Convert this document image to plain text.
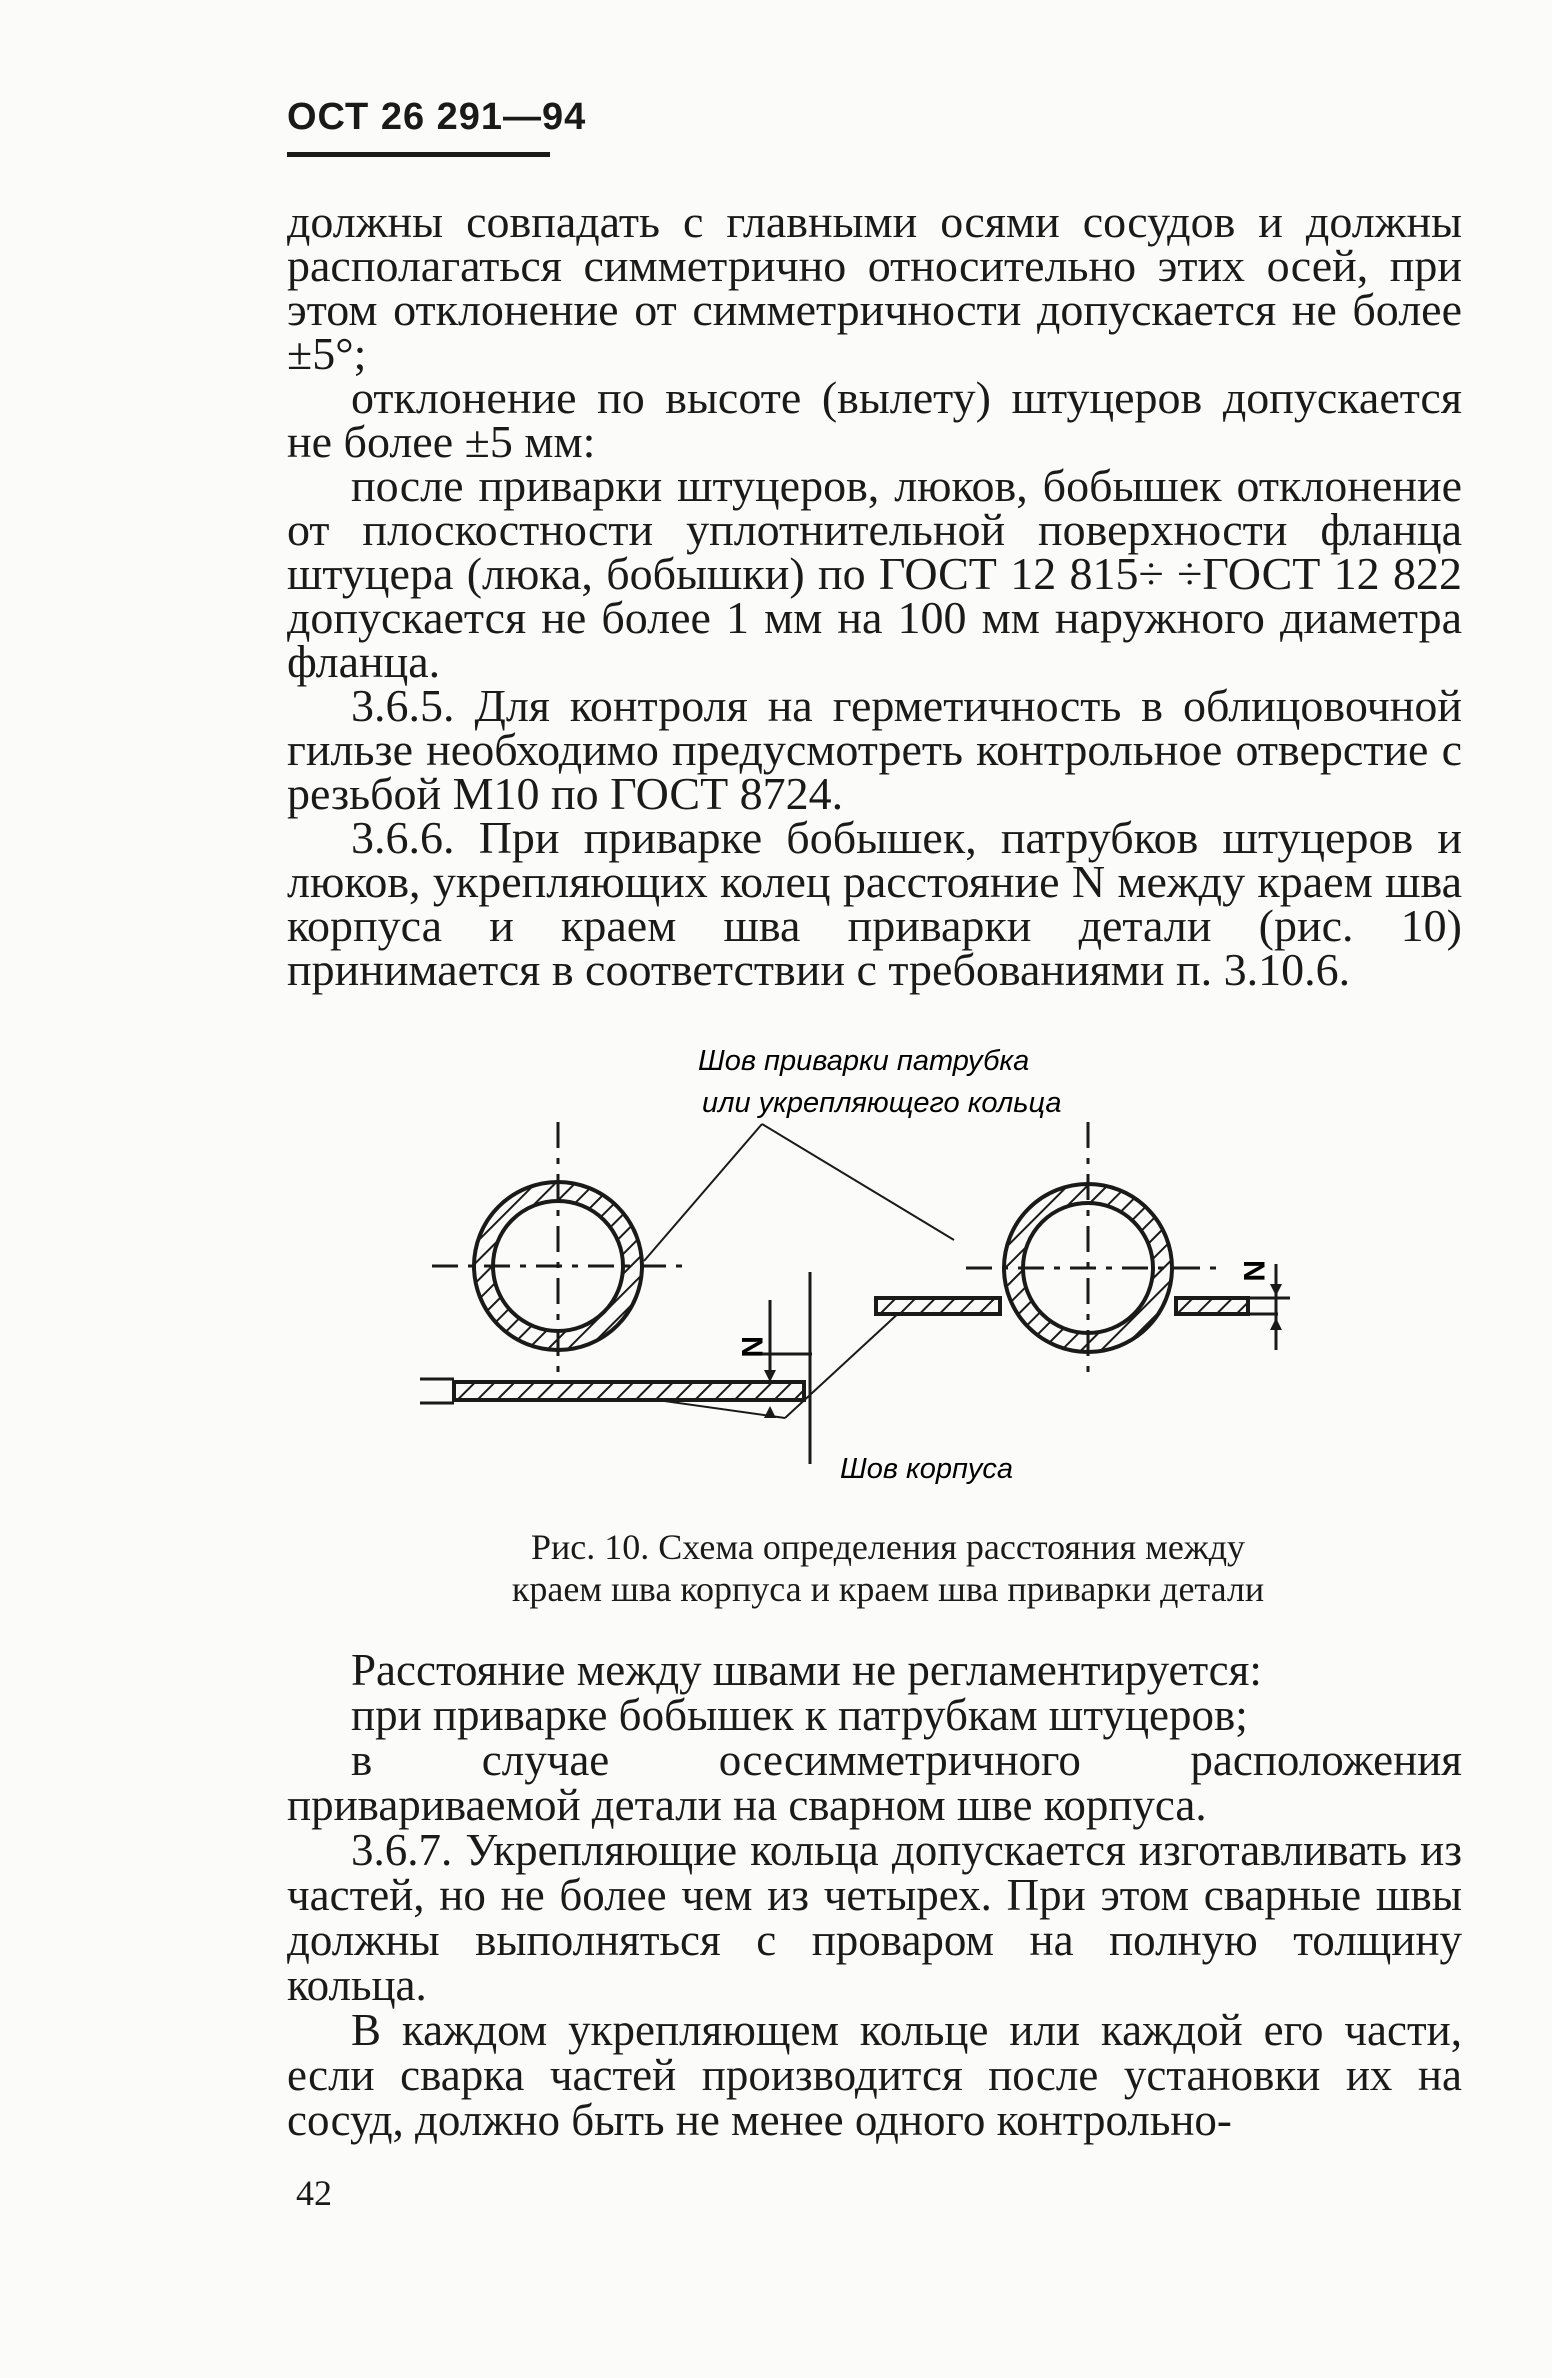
ОСТ 26 291—94

должны совпадать с главными осями сосудов и должны располагаться симметрично относительно этих осей, при этом отклонение от симметричности допускается не более ±5°;

отклонение по высоте (вылету) штуцеров допускается не более ±5 мм:

после приварки штуцеров, люков, бобышек отклонение от плоскостности уплотнительной поверхности фланца штуцера (люка, бобышки) по ГОСТ 12 815÷ ÷ГОСТ 12 822 допускается не более 1 мм на 100 мм наружного диаметра фланца.

3.6.5. Для контроля на герметичность в облицовочной гильзе необходимо предусмотреть контрольное отверстие с резьбой М10 по ГОСТ 8724.

3.6.6. При приварке бобышек, патрубков штуцеров и люков, укрепляющих колец расстояние N между краем шва корпуса и краем шва приварки детали (рис. 10) принимается в соответствии с требованиями п. 3.10.6.

Шов приварки патрубка
или укрепляющего кольца
Шов корпуса
N
N
Рис. 10. Схема определения расстояния между
краем шва корпуса и краем шва приварки детали

Расстояние между швами не регламентируется:

при приварке бобышек к патрубкам штуцеров;

в случае осесимметричного расположения привариваемой детали на сварном шве корпуса.

3.6.7. Укрепляющие кольца допускается изготавливать из частей, но не более чем из четырех. При этом сварные швы должны выполняться с проваром на полную толщину кольца.

В каждом укрепляющем кольце или каждой его части, если сварка частей производится после установки их на сосуд, должно быть не менее одного контрольно-

42
